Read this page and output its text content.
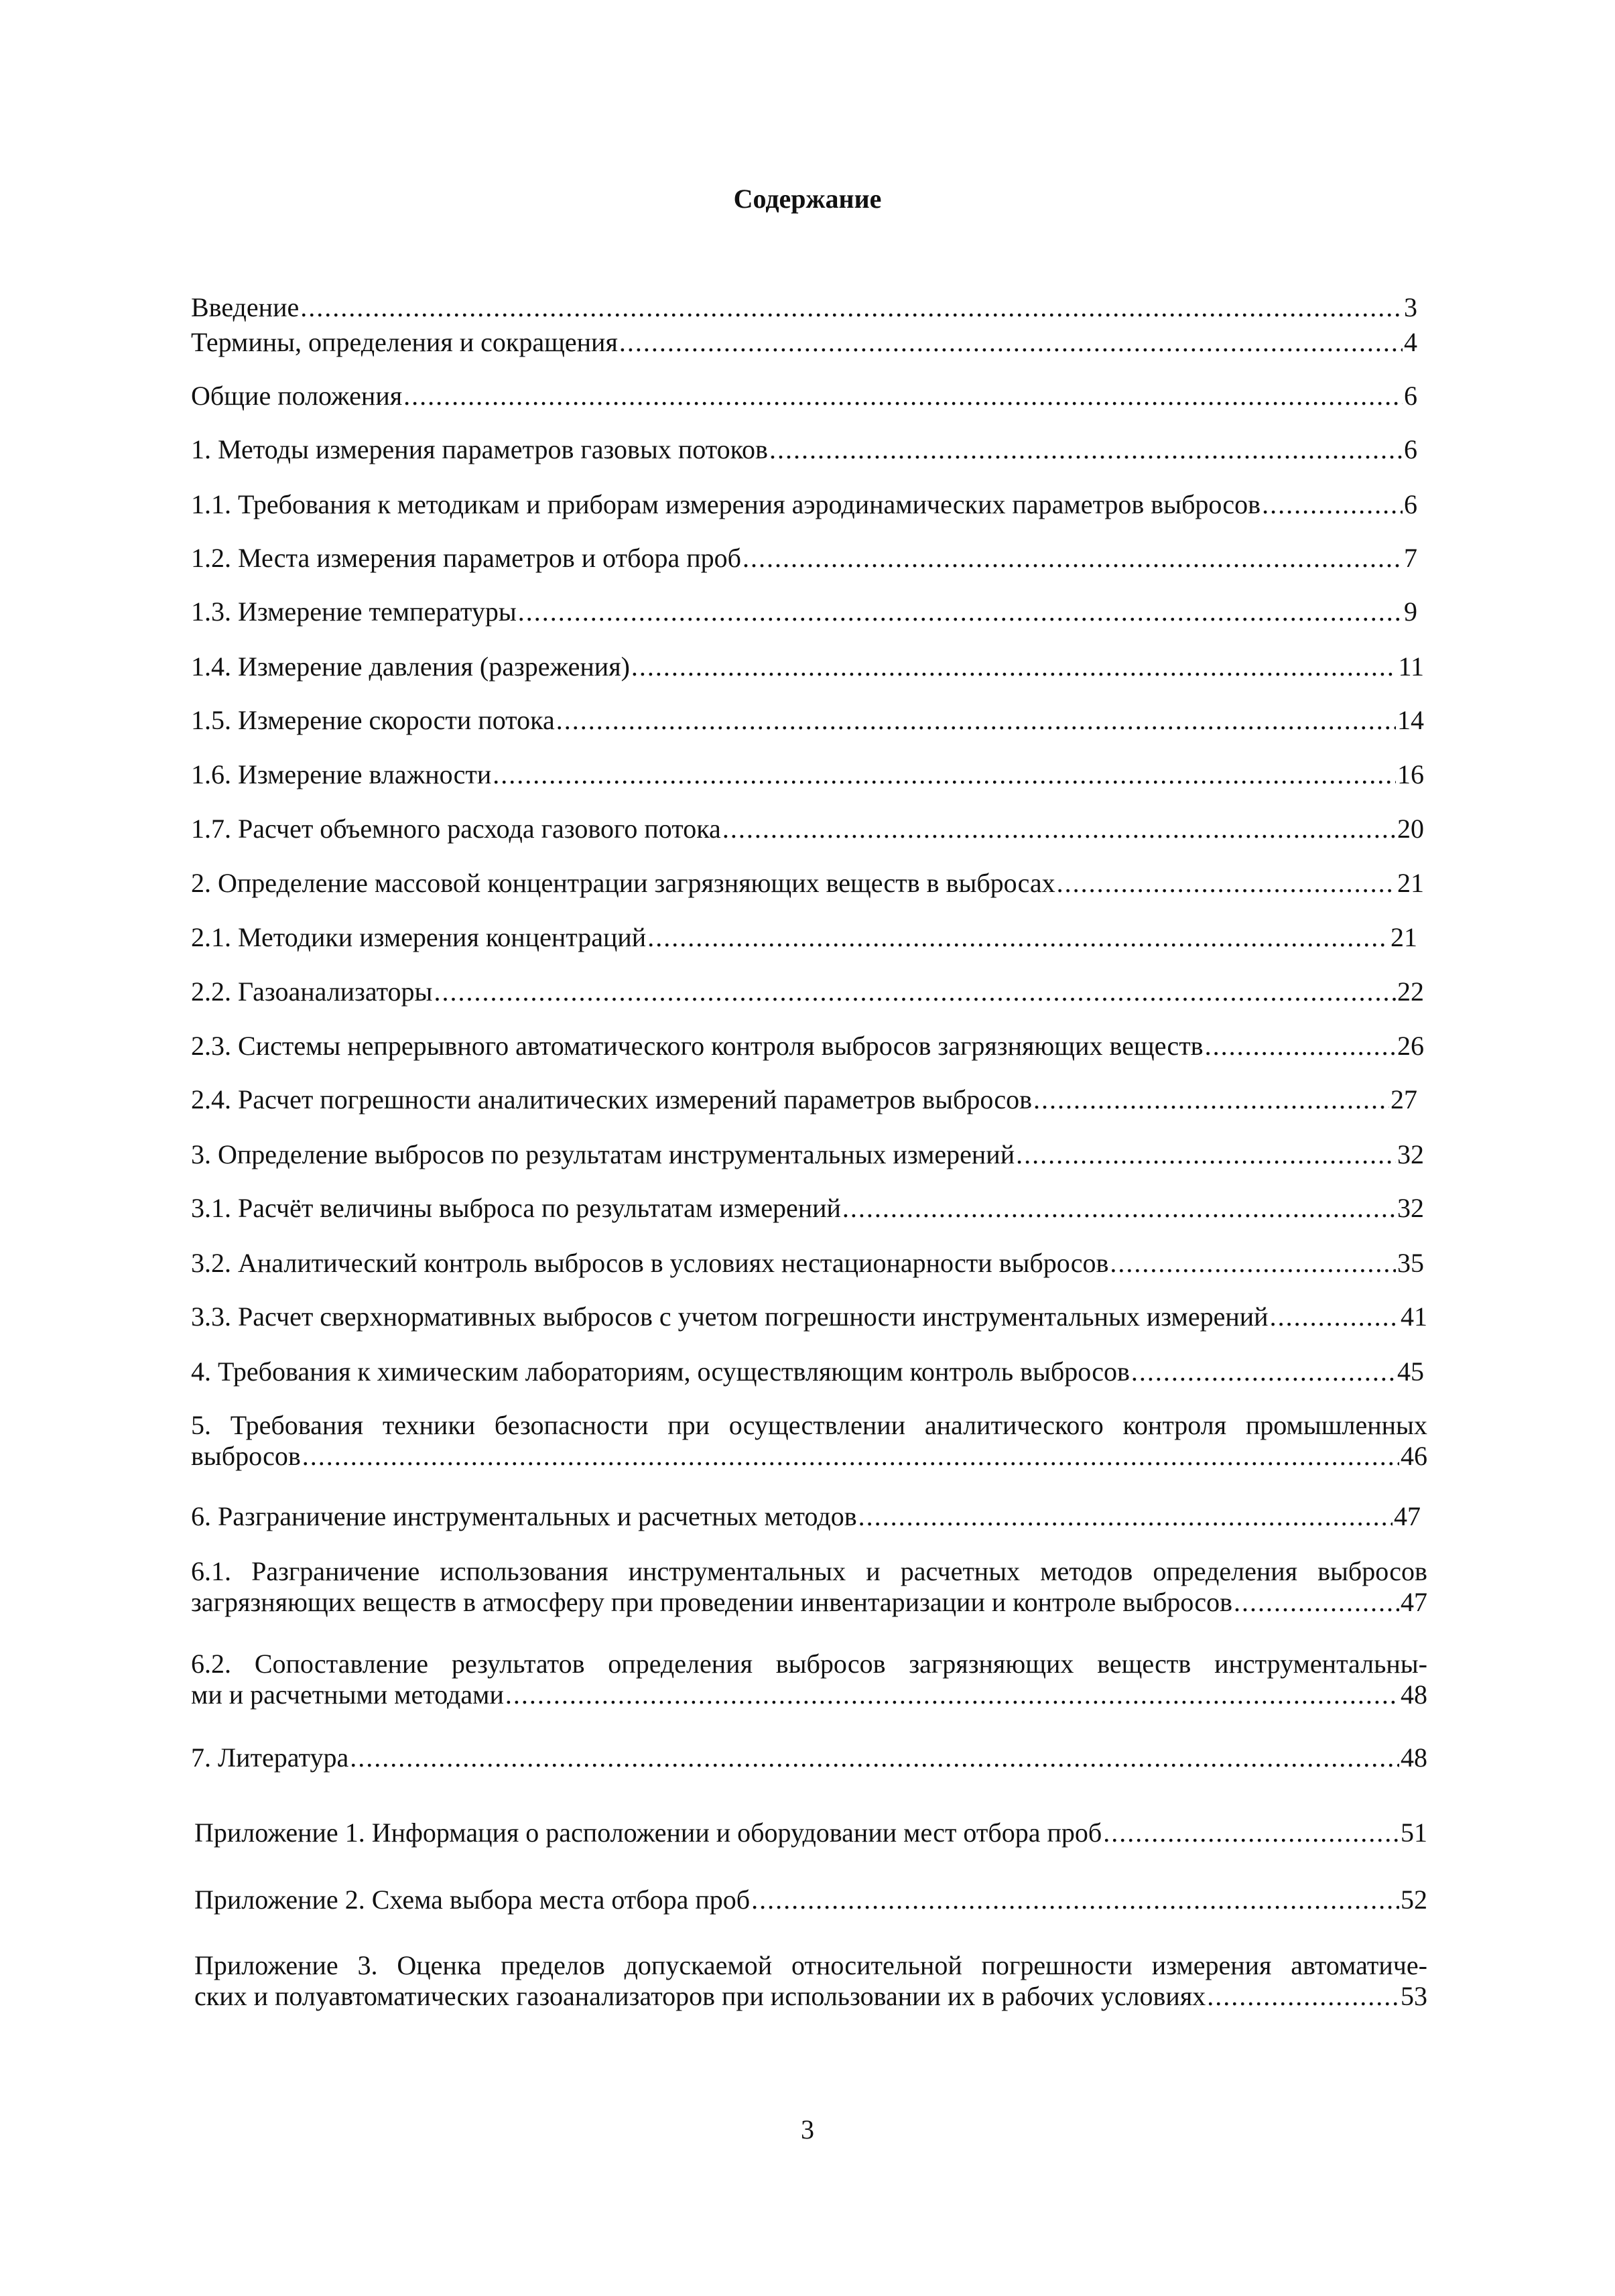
Содержание
Введение .....	3
Термины, определения и сокращения .....	4
Общие положения .....	6
1. Методы измерения параметров газовых потоков .....	6
1.1. Требования к методикам и приборам измерения аэродинамических параметров выбросов .....	6
1.2. Места измерения параметров и отбора проб .....	7
1.3. Измерение температуры .....	9
1.4. Измерение давления (разрежения) .....	11
1.5. Измерение скорости потока .....	14
1.6. Измерение влажности .....	16
1.7. Расчет объемного расхода газового потока .....	20
2. Определение массовой концентрации загрязняющих веществ в выбросах .....	21
2.1. Методики измерения концентраций .....	21
2.2. Газоанализаторы .....	22
2.3. Системы непрерывного автоматического контроля выбросов загрязняющих веществ .....	26
2.4. Расчет погрешности аналитических измерений параметров выбросов .....	27
3. Определение выбросов по результатам инструментальных измерений .....	32
3.1. Расчёт величины выброса по результатам измерений .....	32
3.2. Аналитический контроль выбросов в условиях нестационарности выбросов .....	35
3.3. Расчет сверхнормативных выбросов с учетом погрешности инструментальных измерений .....	41
4. Требования к химическим лабораториям, осуществляющим контроль выбросов .....	45
5. Требования техники безопасности при осуществлении аналитического контроля промышленных
выбросов .....	46
6. Разграничение инструментальных и расчетных методов .....	47
6.1. Разграничение использования инструментальных и расчетных методов определения выбросов
загрязняющих веществ в атмосферу при проведении инвентаризации и контроле выбросов .....	47
6.2. Сопоставление результатов определения выбросов загрязняющих веществ инструментальны-
ми и расчетными методами .....	48
7. Литература .....	48
Приложение 1. Информация о расположении и оборудовании мест отбора проб .....	51
Приложение 2. Схема выбора места отбора проб .....	52
Приложение 3. Оценка пределов допускаемой относительной погрешности измерения автоматиче-
ских и полуавтоматических газоанализаторов при использовании их в рабочих условиях .....	53
3
